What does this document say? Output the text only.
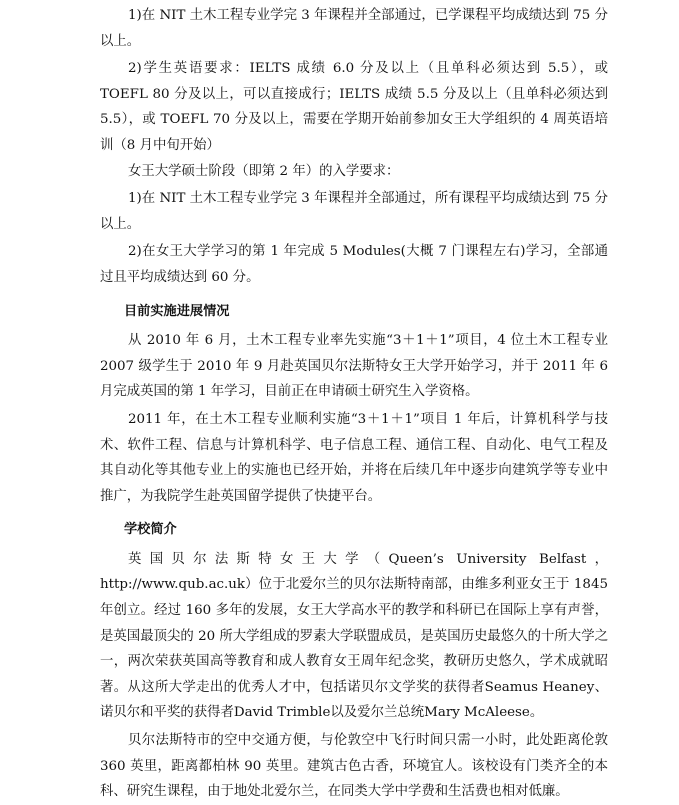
1)在 NIT 土木工程专业学完 3 年课程并全部通过，已学课程平均成绩达到 75 分以上。

2)学生英语要求：IELTS 成绩 6.0 分及以上（且单科必须达到 5.5），或 TOEFL 80 分及以上，可以直接成行；IELTS 成绩 5.5 分及以上（且单科必须达到 5.5），或 TOEFL 70 分及以上，需要在学期开始前参加女王大学组织的 4 周英语培训（8 月中旬开始）

女王大学硕士阶段（即第 2 年）的入学要求：

1)在 NIT 土木工程专业学完 3 年课程并全部通过，所有课程平均成绩达到 75 分以上。

2)在女王大学学习的第 1 年完成 5 Modules(大概 7 门课程左右)学习，全部通过且平均成绩达到 60 分。

目前实施进展情况

从 2010 年 6 月，土木工程专业率先实施“3＋1＋1”项目，4 位土木工程专业 2007 级学生于 2010 年 9 月赴英国贝尔法斯特女王大学开始学习，并于 2011 年 6 月完成英国的第 1 年学习，目前正在申请硕士研究生入学资格。

2011 年，在土木工程专业顺利实施“3＋1＋1”项目 1 年后，计算机科学与技术、软件工程、信息与计算机科学、电子信息工程、通信工程、自动化、电气工程及其自动化等其他专业上的实施也已经开始，并将在后续几年中逐步向建筑学等专业中推广，为我院学生赴英国留学提供了快捷平台。

学校简介

英国贝尔法斯特女王大学（Queen’s University Belfast，http://www.qub.ac.uk）位于北爱尔兰的贝尔法斯特南部，由维多利亚女王于 1845 年创立。经过 160 多年的发展，女王大学高水平的教学和科研已在国际上享有声誉，是英国最顶尖的 20 所大学组成的罗素大学联盟成员，是英国历史最悠久的十所大学之一，两次荣获英国高等教育和成人教育女王周年纪念奖，教研历史悠久，学术成就昭著。从这所大学走出的优秀人才中，包括诺贝尔文学奖的获得者Seamus Heaney、诺贝尔和平奖的获得者David Trimble以及爱尔兰总统Mary McAleese。

贝尔法斯特市的空中交通方便，与伦敦空中飞行时间只需一小时，此处距离伦敦 360 英里，距离都柏林 90 英里。建筑古色古香，环境宜人。该校设有门类齐全的本科、研究生课程，由于地处北爱尔兰，在同类大学中学费和生活费也相对低廉。
